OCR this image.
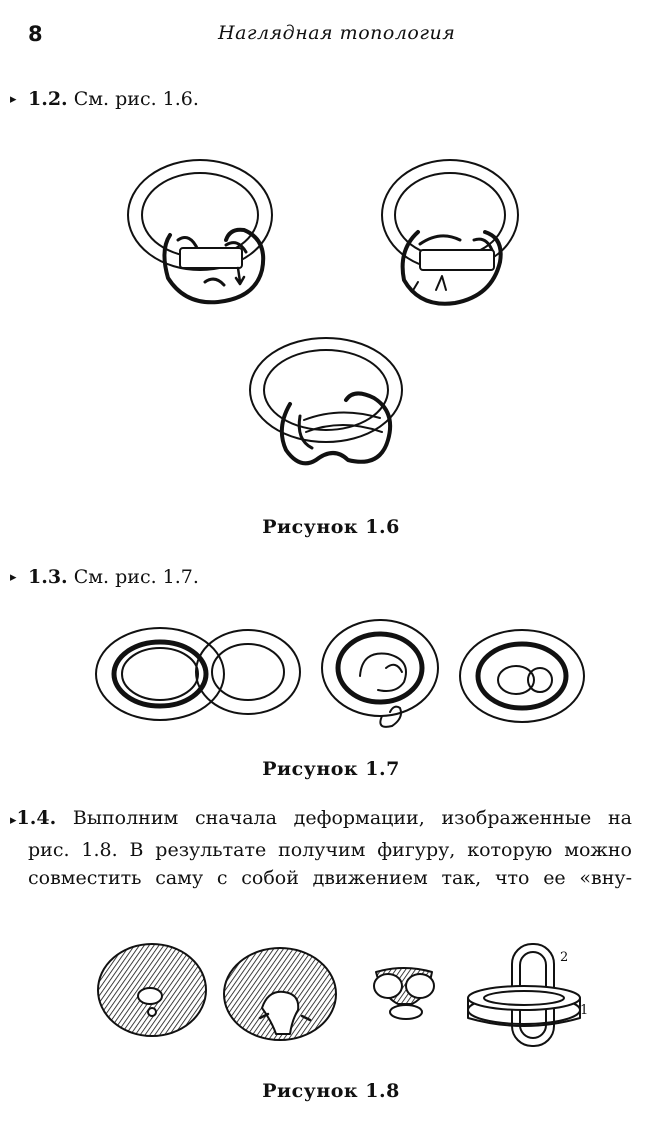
8	Наглядная топология
▸ 1.2. См. рис. 1.6.
Рисунок 1.6
▸ 1.3. См. рис. 1.7.
Рисунок 1.7
▸1.4. Выполним сначала деформации, изображенные на
рис. 1.8. В результате получим фигуру, которую можно
совместить саму с собой движением так, что ее «вну-
2
1
Рисунок 1.8
